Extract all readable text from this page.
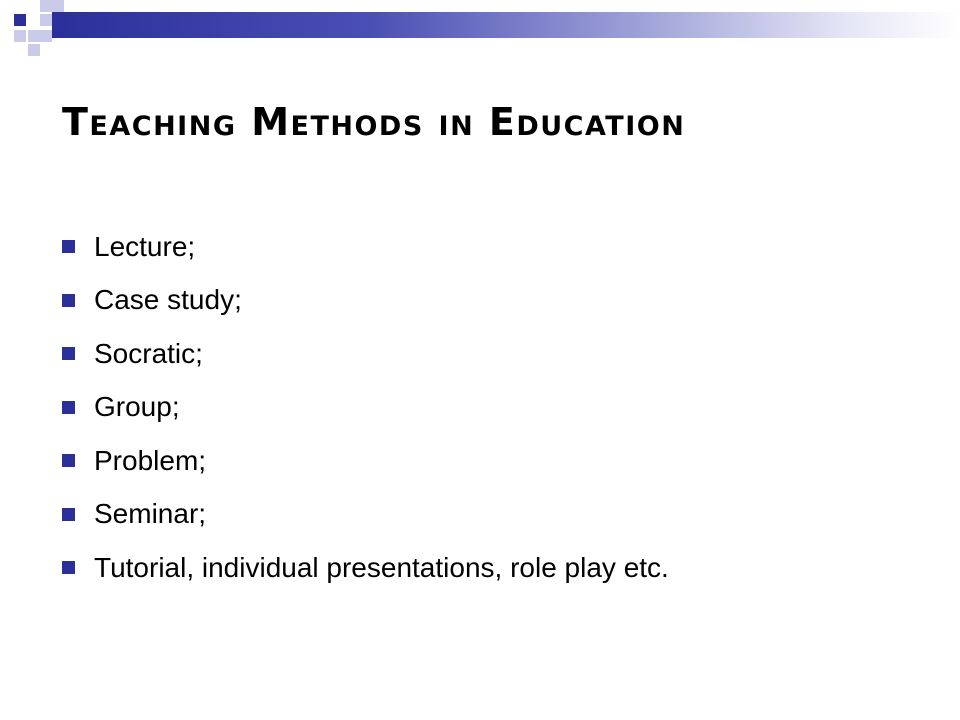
Teaching Methods in Education
Lecture;
Case study;
Socratic;
Group;
Problem;
Seminar;
Tutorial, individual presentations, role play etc.
